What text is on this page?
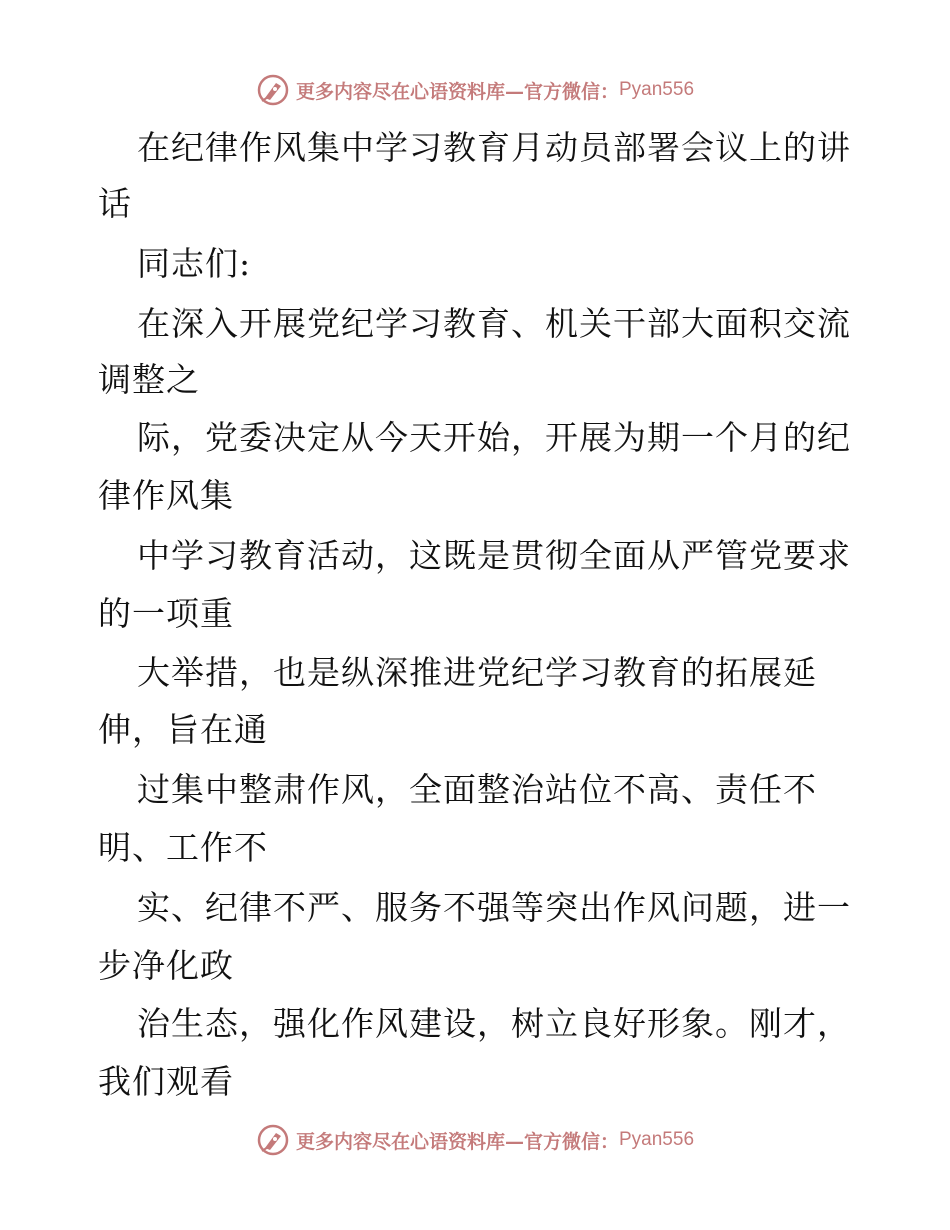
更多内容尽在心语资料库—官方微信： Pyan556
在纪律作风集中学习教育月动员部署会议上的讲
话
同志们:
在深入开展党纪学习教育、机关干部大面积交流
调整之
际，党委决定从今天开始，开展为期一个月的纪
律作风集
中学习教育活动，这既是贯彻全面从严管党要求
的一项重
大举措，也是纵深推进党纪学习教育的拓展延
伸，旨在通
过集中整肃作风，全面整治站位不高、责任不
明、工作不
实、纪律不严、服务不强等突出作风问题，进一
步净化政
治生态，强化作风建设，树立良好形象。刚才，
我们观看
更多内容尽在心语资料库—官方微信： Pyan556
